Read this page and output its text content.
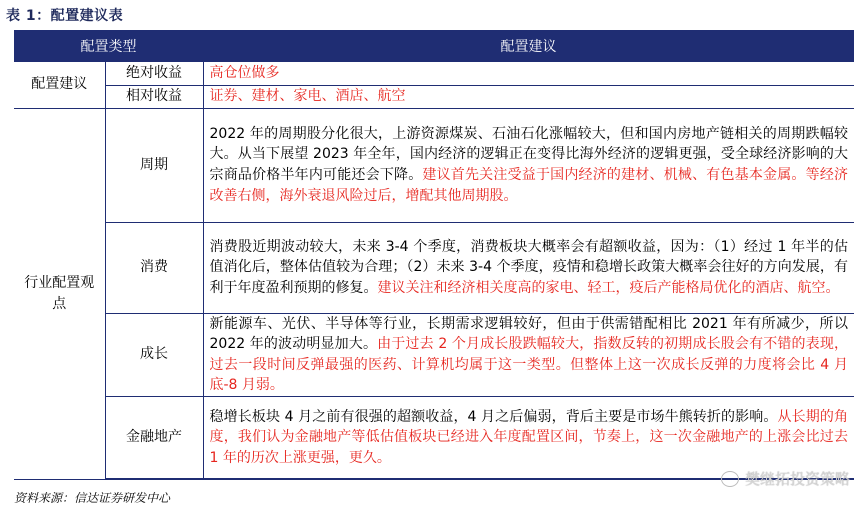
表 1：配置建议表
配置类型		配置建议
配置建议	绝对收益	高仓位做多
	相对收益	证券、建材、家电、酒店、航空
行业配置观点	周期	2022 年的周期股分化很大，上游资源煤炭、石油石化涨幅较大，但和国内房地产链相关的周期跌幅较大。从当下展望 2023 年全年，国内经济的逻辑正在变得比海外经济的逻辑更强，受全球经济影响的大宗商品价格半年内可能还会下降。建议首先关注受益于国内经济的建材、机械、有色基本金属。等经济改善右侧，海外衰退风险过后，增配其他周期股。
	消费	消费股近期波动较大，未来 3-4 个季度，消费板块大概率会有超额收益，因为：（1）经过 1 年半的估值消化后，整体估值较为合理；（2）未来 3-4 个季度，疫情和稳增长政策大概率会往好的方向发展，有利于年度盈利预期的修复。建议关注和经济相关度高的家电、轻工，疫后产能格局优化的酒店、航空。
	成长	新能源车、光伏、半导体等行业，长期需求逻辑较好，但由于供需错配相比 2021 年有所减少，所以 2022 年的波动明显加大。由于过去 2 个月成长股跌幅较大，指数反转的初期成长股会有不错的表现，过去一段时间反弹最强的医药、计算机均属于这一类型。但整体上这一次成长反弹的力度将会比 4 月底-8 月弱。
	金融地产	稳增长板块 4 月之前有很强的超额收益，4 月之后偏弱，背后主要是市场牛熊转折的影响。从长期的角度，我们认为金融地产等低估值板块已经进入年度配置区间，节奏上，这一次金融地产的上涨会比过去 1 年的历次上涨更强，更久。
资料来源：信达证券研发中心
樊继拓投资策略
